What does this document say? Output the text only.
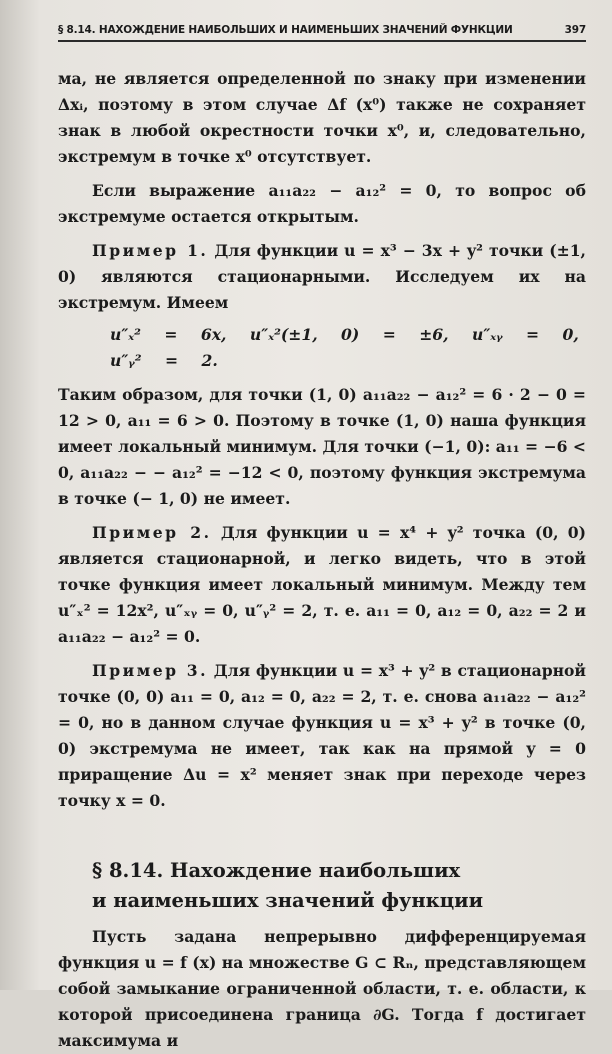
§ 8.14. НАХОЖДЕНИЕ НАИБОЛЬШИХ И НАИМЕНЬШИХ ЗНАЧЕНИЙ ФУНКЦИИ	397

ма, не является определенной по знаку при изменении Δxᵢ, поэтому в этом случае Δf (x⁰) также не сохраняет знак в любой окрестности точки x⁰, и, следовательно, экстремум в точке x⁰ отсутствует.

Если выражение a₁₁a₂₂ − a₁₂² = 0, то вопрос об экстремуме остается открытым.

Пример 1. Для функции u = x³ − 3x + y² точки (±1, 0) являются стационарными. Исследуем их на экстремум. Имеем

u″ₓ² = 6x, u″ₓ²(±1, 0) = ±6, u″ₓᵧ = 0, u″ᵧ² = 2.

Таким образом, для точки (1, 0) a₁₁a₂₂ − a₁₂² = 6 · 2 − 0 = 12 > 0, a₁₁ = 6 > 0. Поэтому в точке (1, 0) наша функция имеет локальный минимум. Для точки (−1, 0): a₁₁ = −6 < 0, a₁₁a₂₂ − − a₁₂² = −12 < 0, поэтому функция экстремума в точке (− 1, 0) не имеет.

Пример 2. Для функции u = x⁴ + y² точка (0, 0) является стационарной, и легко видеть, что в этой точке функция имеет локальный минимум. Между тем u″ₓ² = 12x², u″ₓᵧ = 0, u″ᵧ² = 2, т. е. a₁₁ = 0, a₁₂ = 0, a₂₂ = 2 и a₁₁a₂₂ − a₁₂² = 0.

Пример 3. Для функции u = x³ + y² в стационарной точке (0, 0) a₁₁ = 0, a₁₂ = 0, a₂₂ = 2, т. е. снова a₁₁a₂₂ − a₁₂² = 0, но в данном случае функция u = x³ + y² в точке (0, 0) экстремума не имеет, так как на прямой y = 0 приращение Δu = x² меняет знак при переходе через точку x = 0.

§ 8.14. Нахождение наибольших
и наименьших значений функции

Пусть задана непрерывно дифференцируемая функция u = f (x) на множестве G ⊂ Rₙ, представляющем собой замыкание ограниченной области, т. е. области, к которой присоединена граница ∂G. Тогда f достигает максимума и
